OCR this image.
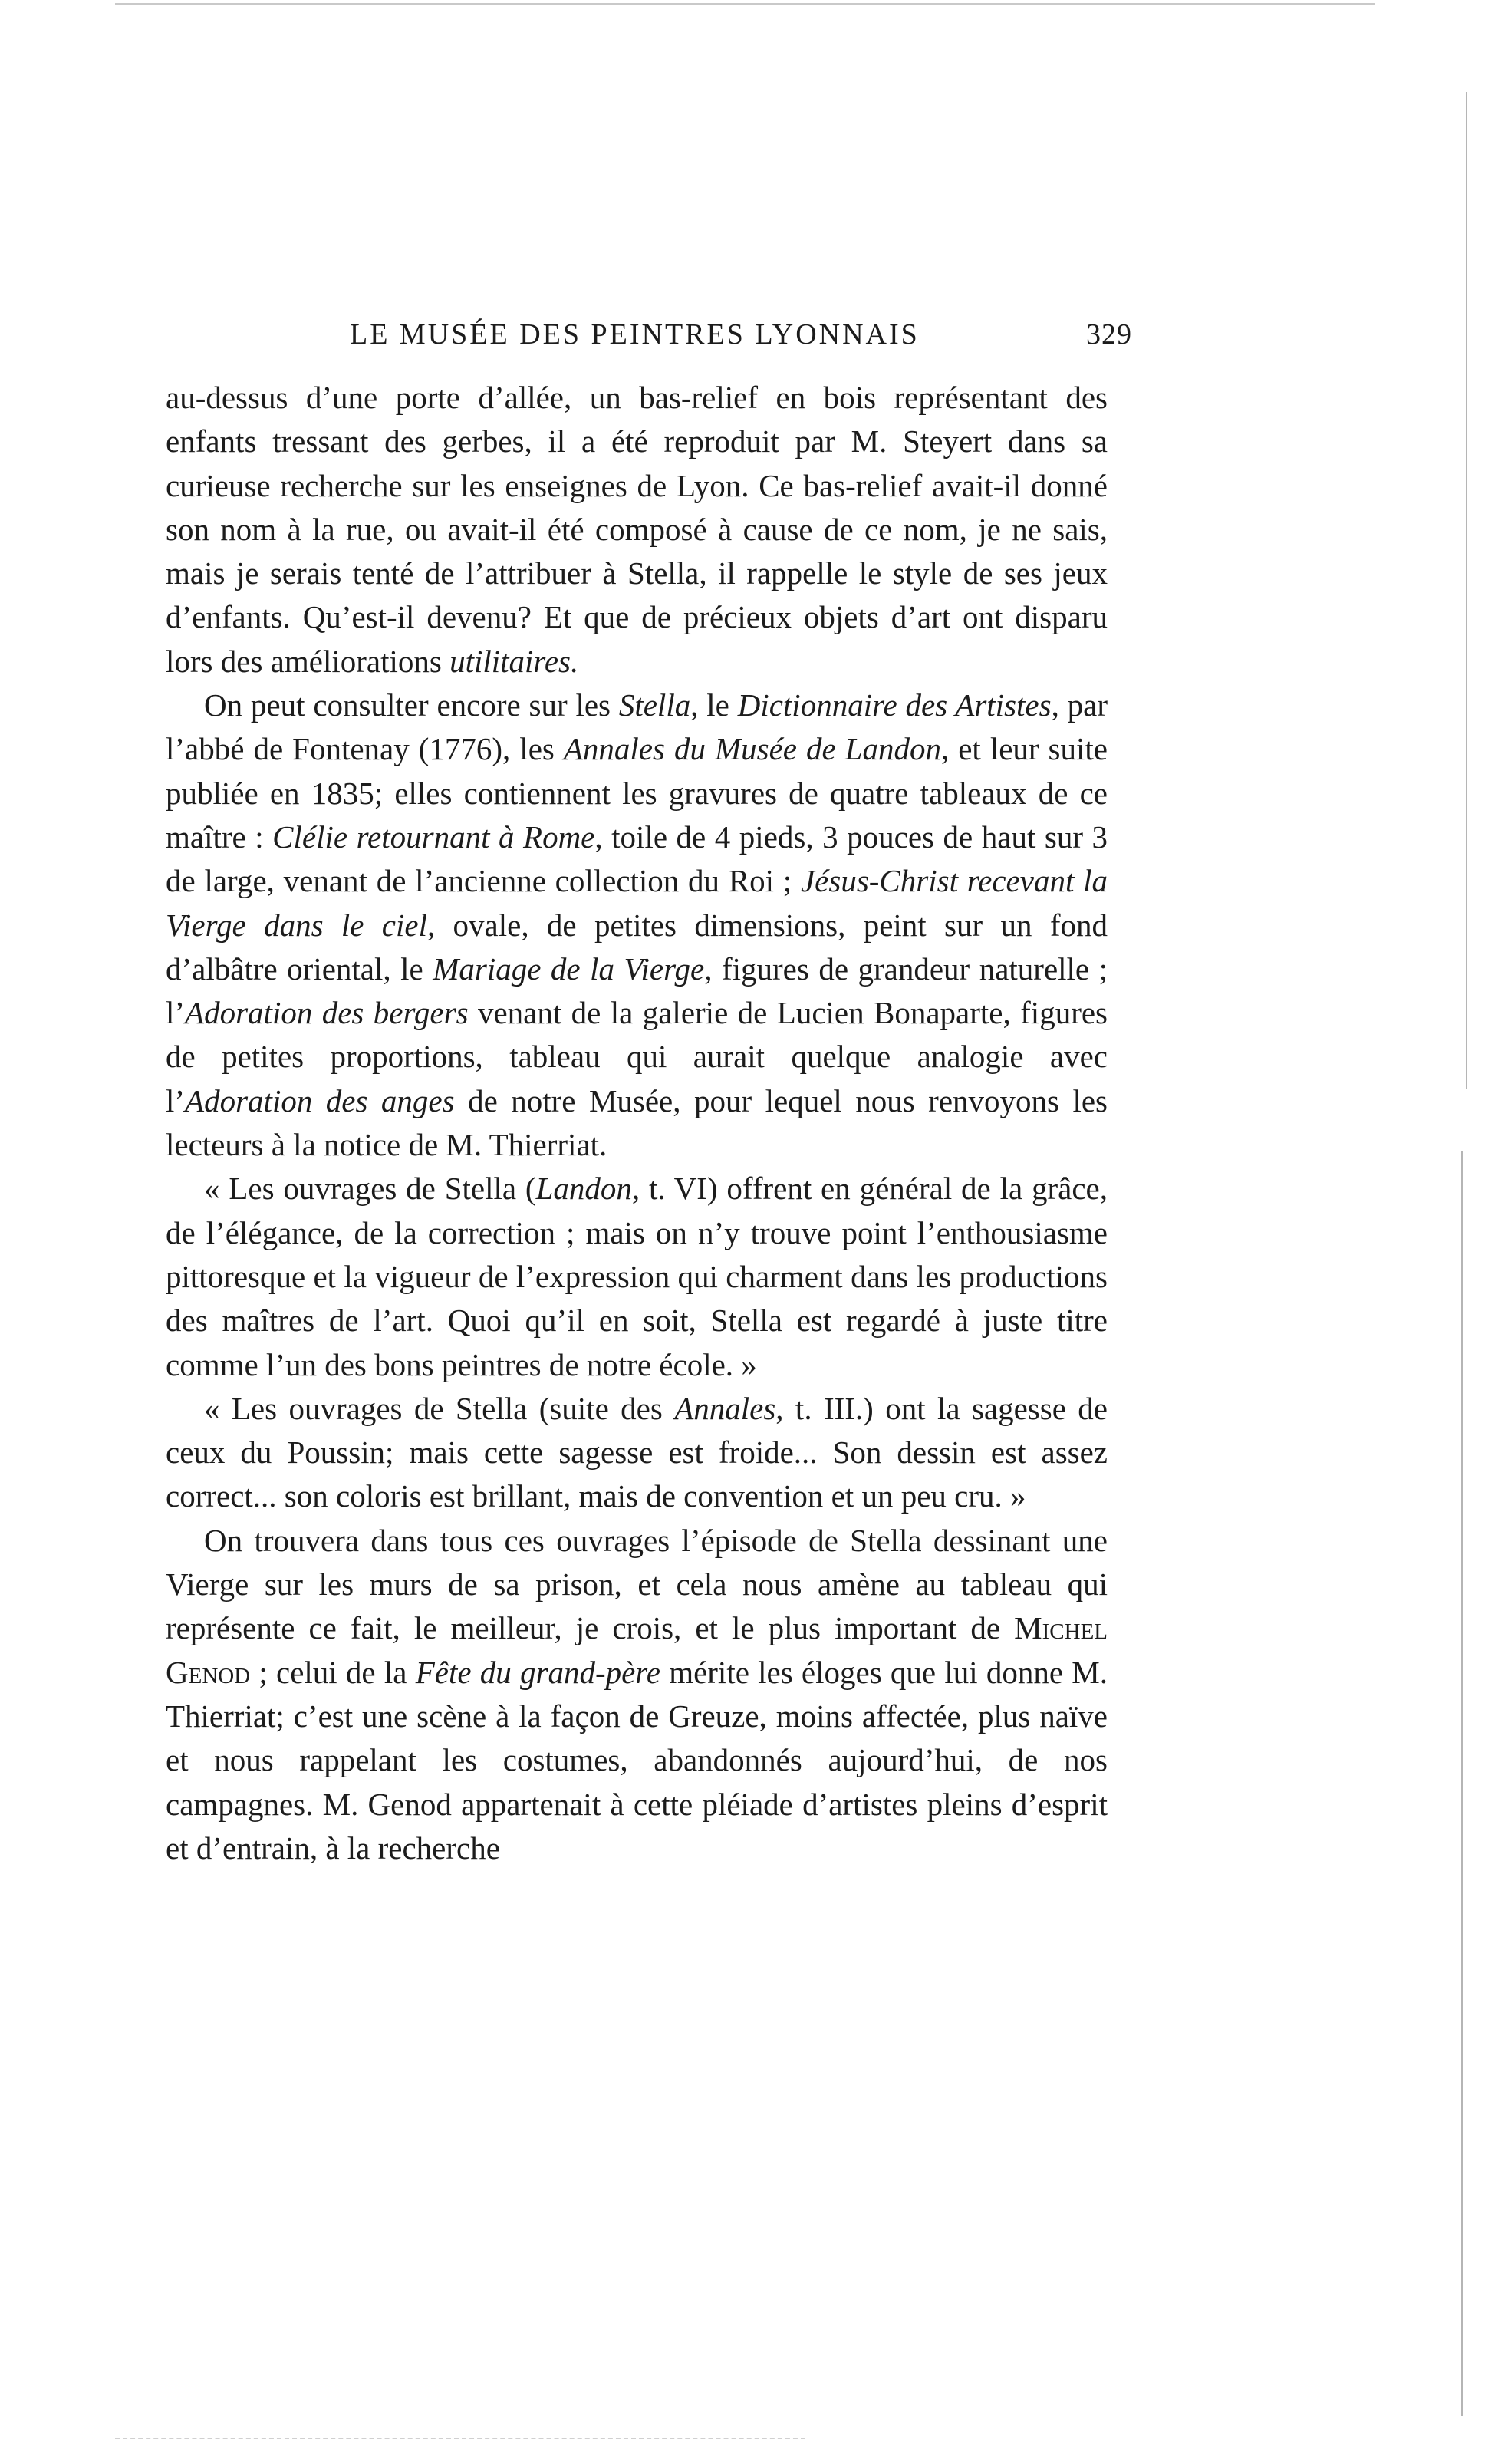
LE MUSÉE DES PEINTRES LYONNAIS	329

au-dessus d’une porte d’allée, un bas-relief en bois représentant des enfants tressant des gerbes, il a été reproduit par M. Steyert dans sa curieuse recherche sur les enseignes de Lyon. Ce bas-relief avait-il donné son nom à la rue, ou avait-il été composé à cause de ce nom, je ne sais, mais je serais tenté de l’attribuer à Stella, il rappelle le style de ses jeux d’enfants. Qu’est-il devenu? Et que de précieux objets d’art ont disparu lors des améliorations utilitaires.

On peut consulter encore sur les Stella, le Dictionnaire des Artistes, par l’abbé de Fontenay (1776), les Annales du Musée de Landon, et leur suite publiée en 1835; elles contiennent les gravures de quatre tableaux de ce maître : Clélie retournant à Rome, toile de 4 pieds, 3 pouces de haut sur 3 de large, venant de l’ancienne collection du Roi ; Jésus-Christ recevant la Vierge dans le ciel, ovale, de petites dimensions, peint sur un fond d’albâtre oriental, le Mariage de la Vierge, figures de grandeur naturelle ; l’Adoration des bergers venant de la galerie de Lucien Bonaparte, figures de petites proportions, tableau qui aurait quelque analogie avec l’Adoration des anges de notre Musée, pour lequel nous renvoyons les lecteurs à la notice de M. Thierriat.

« Les ouvrages de Stella (Landon, t. VI) offrent en général de la grâce, de l’élégance, de la correction ; mais on n’y trouve point l’enthousiasme pittoresque et la vigueur de l’expression qui charment dans les productions des maîtres de l’art. Quoi qu’il en soit, Stella est regardé à juste titre comme l’un des bons peintres de notre école. »

« Les ouvrages de Stella (suite des Annales, t. III.) ont la sagesse de ceux du Poussin; mais cette sagesse est froide... Son dessin est assez correct... son coloris est brillant, mais de convention et un peu cru. »

On trouvera dans tous ces ouvrages l’épisode de Stella dessinant une Vierge sur les murs de sa prison, et cela nous amène au tableau qui représente ce fait, le meilleur, je crois, et le plus important de Michel Genod ; celui de la Fête du grand-père mérite les éloges que lui donne M. Thierriat; c’est une scène à la façon de Greuze, moins affectée, plus naïve et nous rappelant les costumes, abandonnés aujourd’hui, de nos campagnes. M. Genod appartenait à cette pléiade d’artistes pleins d’esprit et d’entrain, à la recherche
